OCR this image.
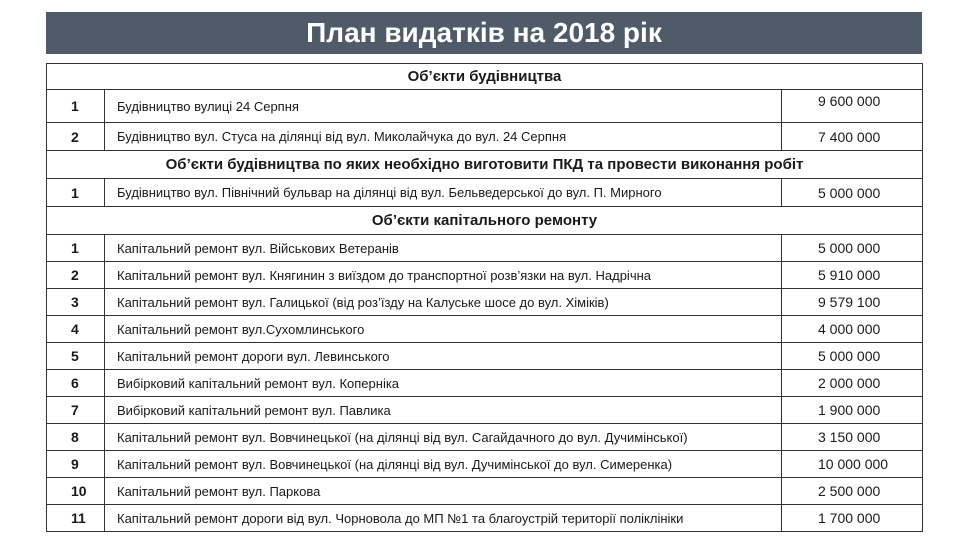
План видатків на 2018 рік
Об’єкти будівництва		
1	Будівництво вулиці 24 Серпня	9 600 000
2	Будівництво вул. Стуса на ділянці від вул. Миколайчука до вул. 24 Серпня	7 400 000
Об’єкти будівництва по яких необхідно виготовити ПКД та провести виконання робіт		
1	Будівництво вул. Північний бульвар на ділянці від вул. Бельведерської до вул. П. Мирного	5 000 000
Об’єкти капітального ремонту		
1	Капітальний ремонт вул. Військових Ветеранів	5 000 000
2	Капітальний ремонт вул. Княгинин з виїздом до транспортної розв’язки на вул. Надрічна	5 910 000
3	Капітальний ремонт вул. Галицької (від роз’їзду на Калуське шосе до вул. Хіміків)	9 579 100
4	Капітальний ремонт вул.Сухомлинського	4 000 000
5	Капітальний ремонт дороги вул. Левинського	5 000 000
6	Вибірковий капітальний ремонт вул. Коперніка	2 000 000
7	Вибірковий капітальний ремонт вул. Павлика	1 900 000
8	Капітальний ремонт вул. Вовчинецької (на ділянці від вул. Сагайдачного до вул. Дучимінської)	3 150 000
9	Капітальний ремонт вул. Вовчинецької (на ділянці від вул. Дучимінської до вул. Симеренка)	10 000 000
10	Капітальний ремонт вул. Паркова	2 500 000
11	Капітальний ремонт дороги від вул. Чорновола до МП №1 та благоустрій території поліклініки	1 700 000
